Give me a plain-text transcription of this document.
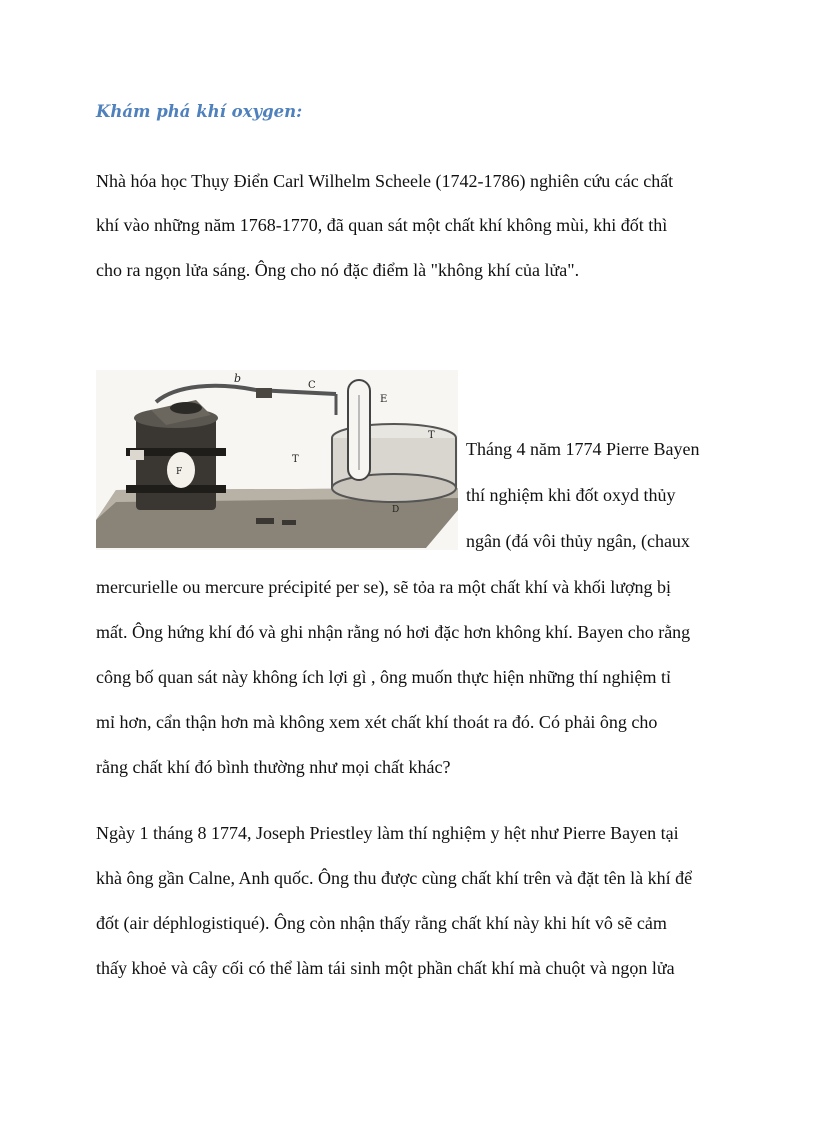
Khám phá khí oxygen:

Nhà hóa học Thụy Điển Carl Wilhelm Scheele (1742-1786) nghiên cứu các chất

khí vào những năm 1768-1770, đã quan sát một chất khí không mùi, khi đốt thì

cho ra ngọn lửa sáng. Ông cho nó đặc điểm là "không khí của lửa".

b
C
E
T
T
F
D

Tháng 4 năm 1774 Pierre Bayen

thí nghiệm khi đốt oxyd thủy

ngân (đá vôi thủy ngân, (chaux

mercurielle ou mercure précipité per se), sẽ tỏa ra một chất khí và khối lượng bị

mất. Ông hứng khí đó và ghi nhận rằng nó hơi đặc hơn không khí. Bayen cho rằng

công bố quan sát này không ích lợi gì , ông muốn thực hiện những thí nghiệm tỉ

mỉ hơn, cẩn thận hơn mà không xem xét chất khí thoát ra đó. Có phải ông cho

rằng chất khí đó bình thường như mọi chất khác?

Ngày 1 tháng 8 1774, Joseph Priestley làm thí nghiệm y hệt như Pierre Bayen tại

khà ông gần Calne, Anh quốc. Ông thu được cùng chất khí trên và đặt tên là khí để

đốt (air déphlogistiqué). Ông còn nhận thấy rằng chất khí này khi hít vô sẽ cảm

thấy khoẻ và cây cối có thể làm tái sinh một phần chất khí mà chuột và ngọn lửa
